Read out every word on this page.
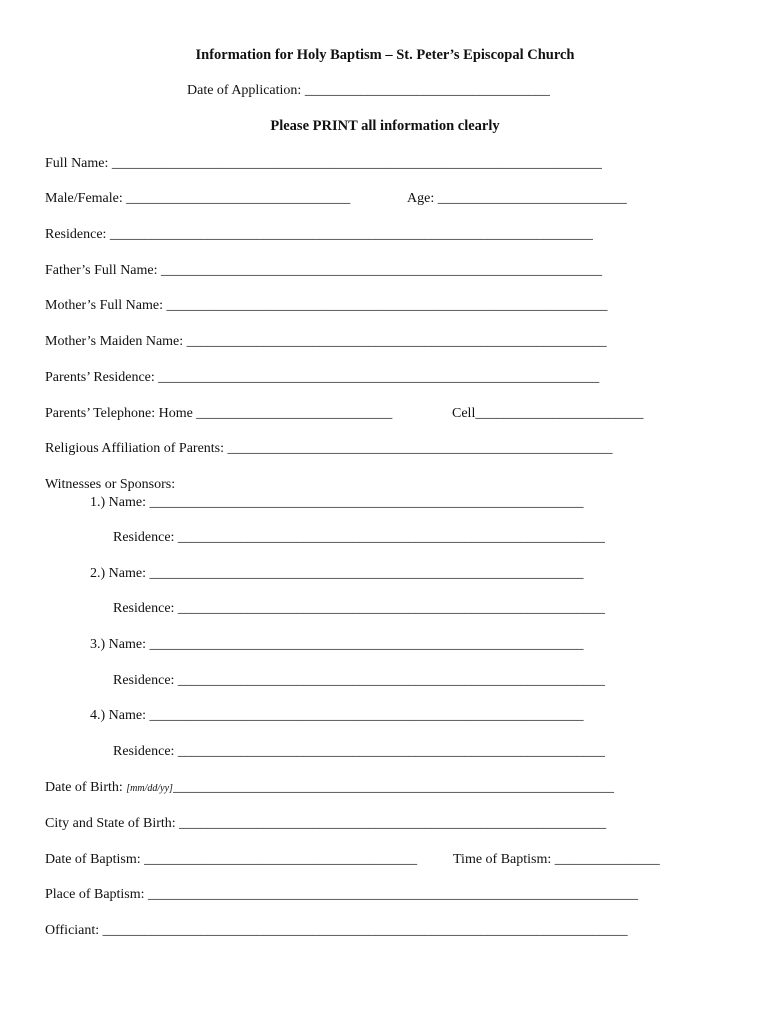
Information for Holy Baptism – St. Peter’s Episcopal Church
Date of Application: ___________________________________
Please PRINT all information clearly
Full Name: ______________________________________________________________________
Male/Female: ________________________________	Age: ___________________________
Residence: _____________________________________________________________________
Father’s Full Name: _______________________________________________________________
Mother’s Full Name: _______________________________________________________________
Mother’s Maiden Name: ____________________________________________________________
Parents’ Residence: _______________________________________________________________
Parents’ Telephone: Home ____________________________	Cell________________________
Religious Affiliation of Parents: _______________________________________________________
Witnesses or Sponsors:
1.) Name: ______________________________________________________________
Residence: _____________________________________________________________
2.) Name: ______________________________________________________________
Residence: _____________________________________________________________
3.) Name: ______________________________________________________________
Residence: _____________________________________________________________
4.) Name: ______________________________________________________________
Residence: _____________________________________________________________
Date of Birth: [mm/dd/yy]_______________________________________________________________
City and State of Birth: _____________________________________________________________
Date of Baptism: _______________________________________	Time of Baptism: _______________
Place of Baptism: ______________________________________________________________________
Officiant: ___________________________________________________________________________
